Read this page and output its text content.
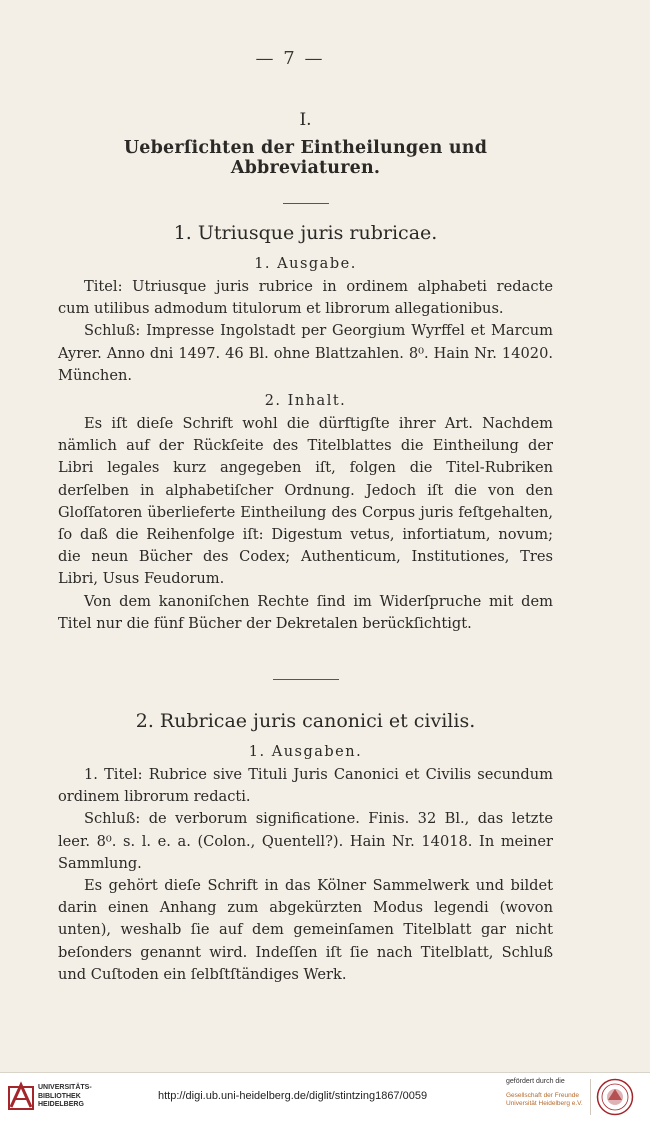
— 7 —

I.

Ueberſichten der Eintheilungen und Abbreviaturen.

1. Utriusque juris rubricae.

1. Ausgabe.

Titel: Utriusque juris rubrice in ordinem alphabeti redacte cum utilibus admodum titulorum et librorum allegationibus.

Schluß: Impresse Ingolstadt per Georgium Wyrffel et Marcum Ayrer. Anno dni 1497. 46 Bl. ohne Blattzahlen. 8⁰. Hain Nr. 14020. München.

2. Inhalt.

Es iſt dieſe Schrift wohl die dürftigſte ihrer Art. Nachdem nämlich auf der Rückſeite des Titelblattes die Eintheilung der Libri legales kurz angegeben iſt, folgen die Titel-Rubriken derſelben in alphabetiſcher Ordnung. Jedoch iſt die von den Gloſſatoren überlieferte Eintheilung des Corpus juris feſtgehalten, ſo daß die Reihenfolge iſt: Digestum vetus, infortiatum, novum; die neun Bücher des Codex; Authenticum, Institutiones, Tres Libri, Usus Feudorum.

Von dem kanoniſchen Rechte ſind im Widerſpruche mit dem Titel nur die fünf Bücher der Dekretalen berückſichtigt.

2. Rubricae juris canonici et civilis.

1. Ausgaben.

1. Titel: Rubrice sive Tituli Juris Canonici et Civilis secundum ordinem librorum redacti.

Schluß: de verborum significatione. Finis. 32 Bl., das letzte leer. 8⁰. s. l. e. a. (Colon., Quentell?). Hain Nr. 14018. In meiner Sammlung.

Es gehört dieſe Schrift in das Kölner Sammelwerk und bildet darin einen Anhang zum abgekürzten Modus legendi (wovon unten), weshalb ſie auf dem gemeinſamen Titelblatt gar nicht beſonders genannt wird. Indeſſen iſt ſie nach Titelblatt, Schluß und Cuſtoden ein ſelbſtſtändiges Werk.

UNIVERSITÄTS-
BIBLIOTHEK
HEIDELBERG
http://digi.ub.uni-heidelberg.de/diglit/stintzing1867/0059
gefördert durch die
Gesellschaft der Freunde
Universität Heidelberg e.V.
